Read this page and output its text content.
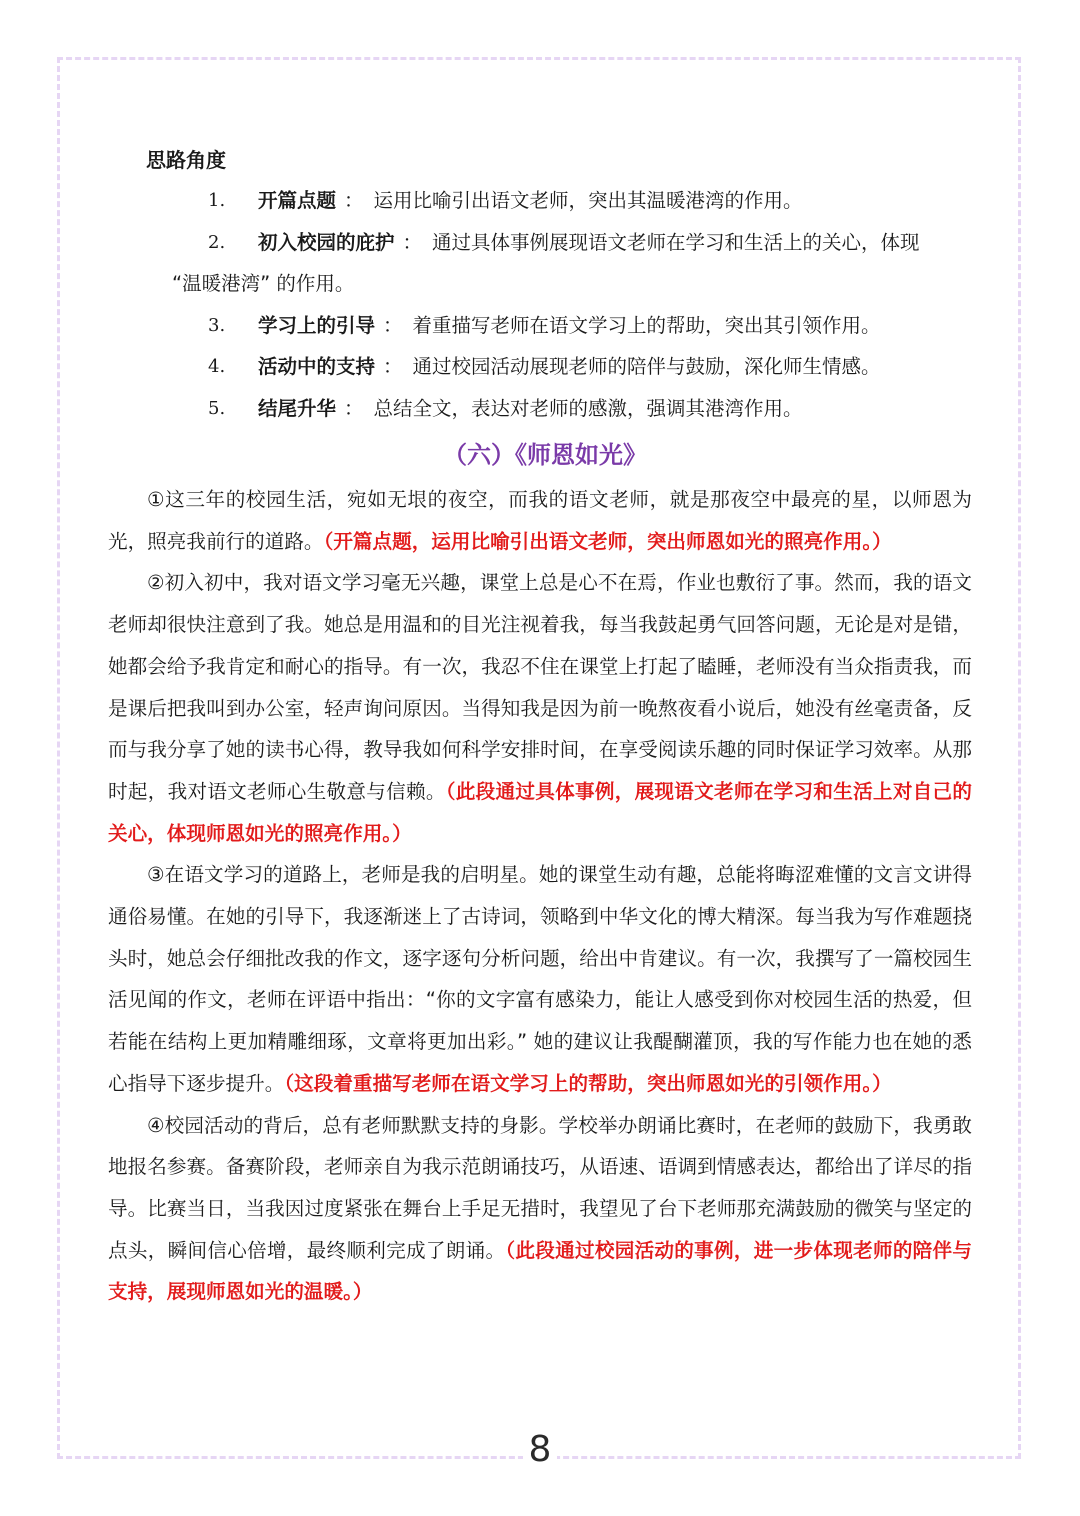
思路角度
1. 开篇点题 ： 运用比喻引出语文老师，突出其温暖港湾的作用。
2. 初入校园的庇护 ： 通过具体事例展现语文老师在学习和生活上的关心，体现
“温暖港湾” 的作用。
3. 学习上的引导 ： 着重描写老师在语文学习上的帮助，突出其引领作用。
4. 活动中的支持 ： 通过校园活动展现老师的陪伴与鼓励，深化师生情感。
5. 结尾升华 ： 总结全文，表达对老师的感激，强调其港湾作用。
（六）《师恩如光》

①这三年的校园生活，宛如无垠的夜空，而我的语文老师，就是那夜空中最亮的星，以师恩为光，照亮我前行的道路。（开篇点题，运用比喻引出语文老师，突出师恩如光的照亮作用。）

②初入初中，我对语文学习毫无兴趣，课堂上总是心不在焉，作业也敷衍了事。然而，我的语文老师却很快注意到了我。她总是用温和的目光注视着我，每当我鼓起勇气回答问题，无论是对是错，她都会给予我肯定和耐心的指导。有一次，我忍不住在课堂上打起了瞌睡，老师没有当众指责我，而是课后把我叫到办公室，轻声询问原因。当得知我是因为前一晚熬夜看小说后，她没有丝毫责备，反而与我分享了她的读书心得，教导我如何科学安排时间，在享受阅读乐趣的同时保证学习效率。从那时起，我对语文老师心生敬意与信赖。（此段通过具体事例，展现语文老师在学习和生活上对自己的关心，体现师恩如光的照亮作用。）

③在语文学习的道路上，老师是我的启明星。她的课堂生动有趣，总能将晦涩难懂的文言文讲得通俗易懂。在她的引导下，我逐渐迷上了古诗词，领略到中华文化的博大精深。每当我为写作难题挠头时，她总会仔细批改我的作文，逐字逐句分析问题，给出中肯建议。有一次，我撰写了一篇校园生活见闻的作文，老师在评语中指出：“你的文字富有感染力，能让人感受到你对校园生活的热爱，但若能在结构上更加精雕细琢，文章将更加出彩。” 她的建议让我醍醐灌顶，我的写作能力也在她的悉心指导下逐步提升。（这段着重描写老师在语文学习上的帮助，突出师恩如光的引领作用。）

④校园活动的背后，总有老师默默支持的身影。学校举办朗诵比赛时，在老师的鼓励下，我勇敢地报名参赛。备赛阶段，老师亲自为我示范朗诵技巧，从语速、语调到情感表达，都给出了详尽的指导。比赛当日，当我因过度紧张在舞台上手足无措时，我望见了台下老师那充满鼓励的微笑与坚定的点头，瞬间信心倍增，最终顺利完成了朗诵。（此段通过校园活动的事例，进一步体现老师的陪伴与支持，展现师恩如光的温暖。）

8
